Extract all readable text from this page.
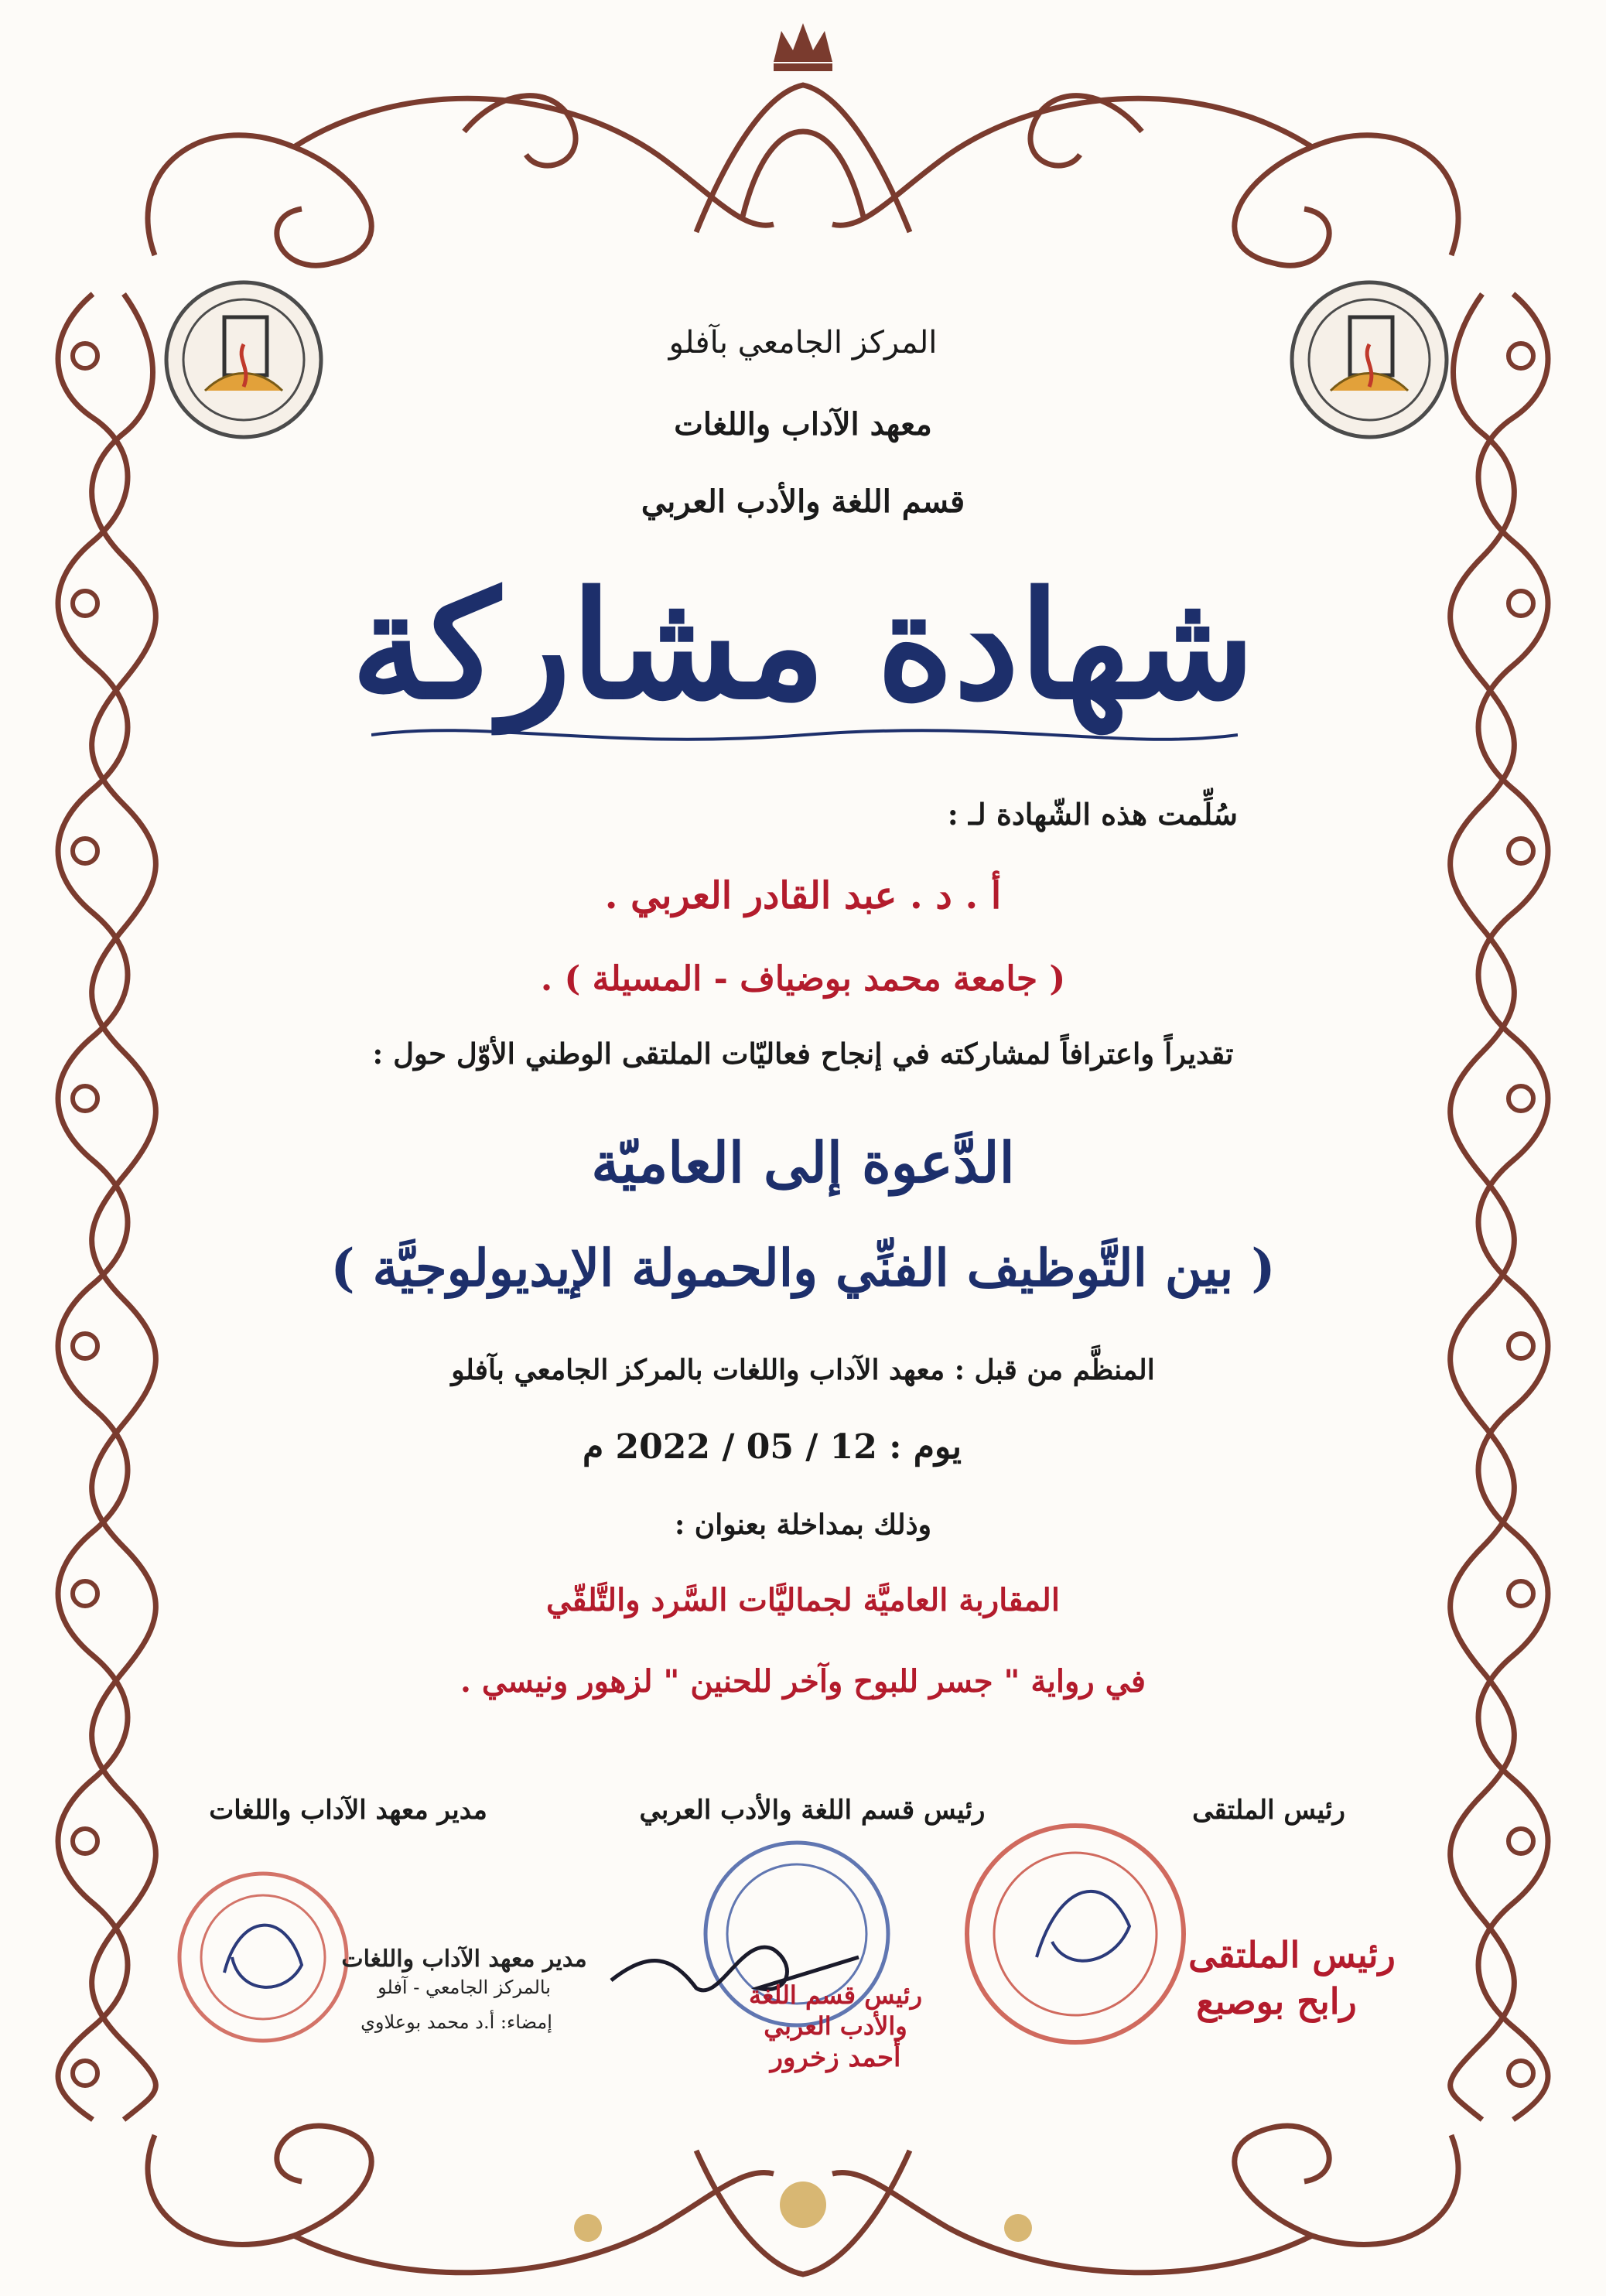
المركز الجامعي بآفلو
معهد الآداب واللغات
قسم اللغة والأدب العربي
شهادة مشاركة
سُلِّمت هذه الشّهادة لـ :
أ . د . عبد القادر العربي .
( جامعة محمد بوضياف - المسيلة ) .
تقديراً واعترافاً لمشاركته في إنجاح فعاليّات الملتقى الوطني الأوّل حول :
الدَّعوة إلى العاميّة
( بين التَّوظيف الفنِّي والحمولة الإيديولوجيَّة )
المنظَّم من قبل : معهد الآداب واللغات بالمركز الجامعي بآفلو
يوم : 12 / 05 / 2022 م
وذلك بمداخلة بعنوان :
المقاربة العاميَّة لجماليَّات السَّرد والتَّلقّي
في رواية " جسر للبوح وآخر للحنين " لزهور ونيسي .
رئيس الملتقى
رئيس قسم اللغة والأدب العربي
مدير معهد الآداب واللغات
مدير معهد الآداب واللغات
بالمركز الجامعي - آفلو
إمضاء: أ.د محمد بوعلاوي
رئيس قسم اللغة
والأدب العربي
أحمد زخرور
رئيس الملتقى
رابح بوصبع
